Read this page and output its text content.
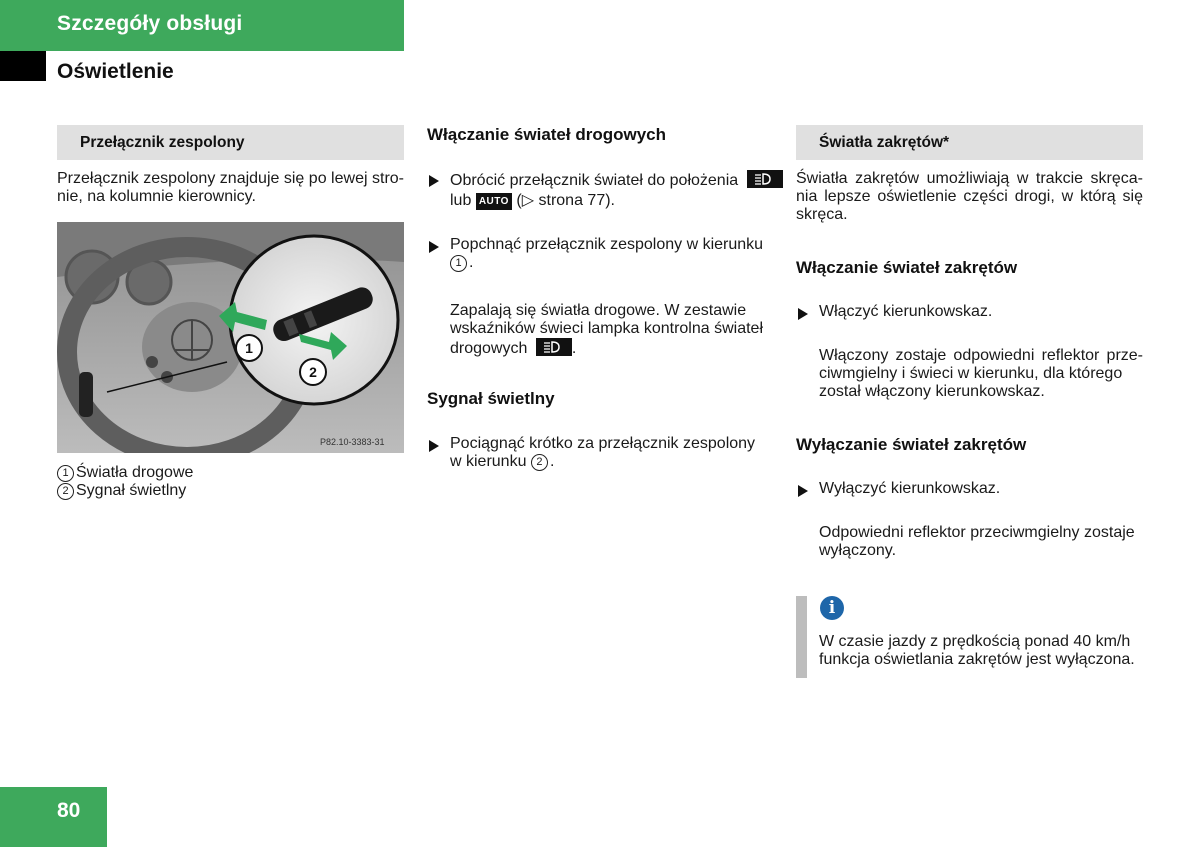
Szczegóły obsługi
Oświetlenie
Przełącznik zespolony
Przełącznik zespolony znajduje się po lewej stro-
nie, na kolumnie kierownicy.
1
2
P82.10-3383-31
1 Światła drogowe
2 Sygnał świetlny
Włączanie świateł drogowych
Obrócić przełącznik świateł do położenia
lub AUTO (▷ strona 77).
Popchnąć przełącznik zespolony w kierunku
1 .
Zapalają się światła drogowe. W zestawie
wskaźników świeci lampka kontrolna świateł
drogowych	.
Sygnał świetlny
Pociągnąć krótko za przełącznik zespolony
w kierunku 2 .
Światła zakrętów*
Światła zakrętów umożliwiają w trakcie skręca-
nia lepsze oświetlenie części drogi, w którą się
skręca.
Włączanie świateł zakrętów
Włączyć kierunkowskaz.
Włączony zostaje odpowiedni reflektor prze-
ciwmgielny i świeci w kierunku, dla którego
został włączony kierunkowskaz.
Wyłączanie świateł zakrętów
Wyłączyć kierunkowskaz.
Odpowiedni reflektor przeciwmgielny zostaje
wyłączony.
i
W czasie jazdy z prędkością ponad 40 km/h
funkcja oświetlania zakrętów jest wyłączona.
80
